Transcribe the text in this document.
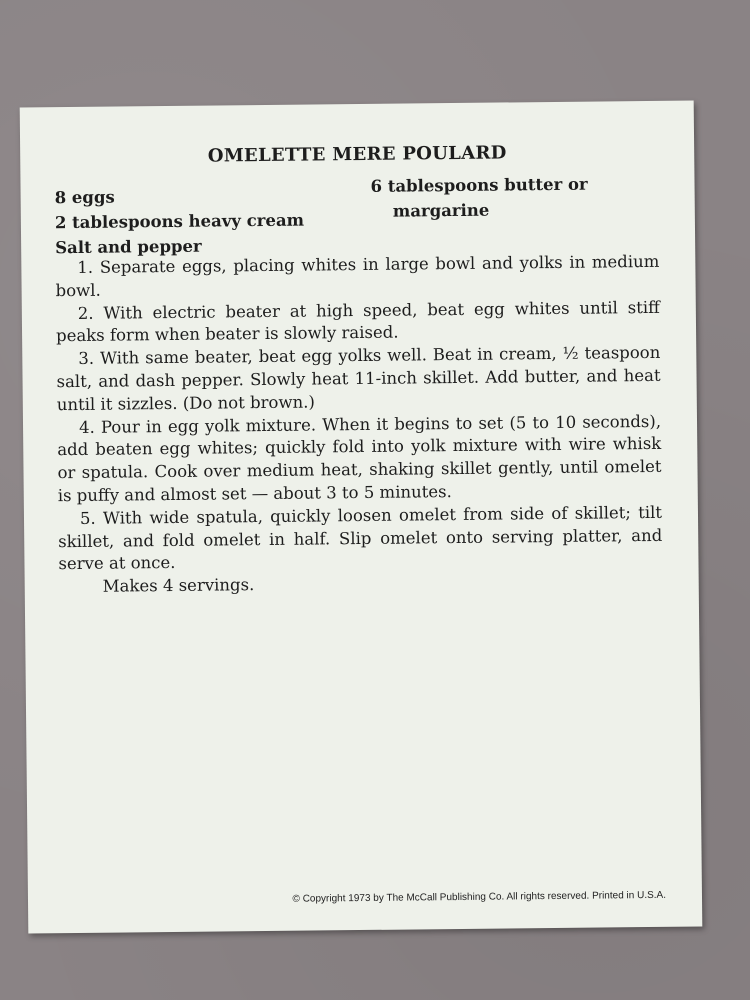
OMELETTE MERE POULARD
8 eggs
2 tablespoons heavy cream
Salt and pepper
6 tablespoons butter or
margarine

1. Separate eggs, placing whites in large bowl and yolks in medium bowl.

2. With electric beater at high speed, beat egg whites until stiff peaks form when beater is slowly raised.

3. With same beater, beat egg yolks well. Beat in cream, ½ teaspoon salt, and dash pepper. Slowly heat 11-inch skillet. Add butter, and heat until it sizzles. (Do not brown.)

4. Pour in egg yolk mixture. When it begins to set (5 to 10 seconds), add beaten egg whites; quickly fold into yolk mixture with wire whisk or spatula. Cook over medium heat, shaking skillet gently, until omelet is puffy and almost set — about 3 to 5 minutes.

5. With wide spatula, quickly loosen omelet from side of skillet; tilt skillet, and fold omelet in half. Slip omelet onto serving platter, and serve at once.

Makes 4 servings.

© Copyright 1973 by The McCall Publishing Co. All rights reserved. Printed in U.S.A.
